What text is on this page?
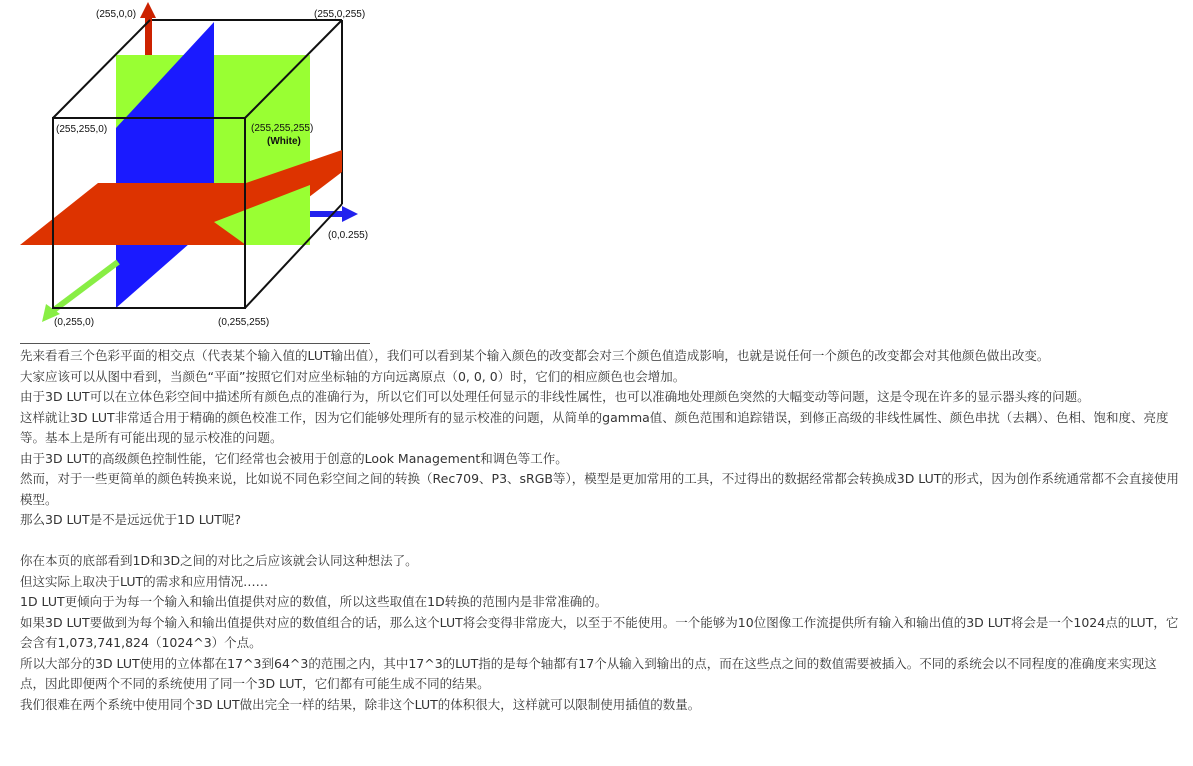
(255,0,0)	(255,0,255)
(255,255,0)	(255,255,255)
(White)
(0,0.255)
(0,255,0)	(0,255,255)

先来看看三个色彩平面的相交点（代表某个输入值的LUT输出值），我们可以看到某个输入颜色的改变都会对三个颜色值造成影响，也就是说任何一个颜色的改变都会对其他颜色做出改变。

大家应该可以从图中看到，当颜色“平面”按照它们对应坐标轴的方向远离原点（0, 0, 0）时，它们的相应颜色也会增加。

由于3D LUT可以在立体色彩空间中描述所有颜色点的准确行为，所以它们可以处理任何显示的非线性属性，也可以准确地处理颜色突然的大幅变动等问题，这是令现在许多的显示器头疼的问题。

这样就让3D LUT非常适合用于精确的颜色校准工作，因为它们能够处理所有的显示校准的问题，从简单的gamma值、颜色范围和追踪错误，到修正高级的非线性属性、颜色串扰（去耦）、色相、饱和度、亮度等。基本上是所有可能出现的显示校准的问题。

由于3D LUT的高级颜色控制性能，它们经常也会被用于创意的Look Management和调色等工作。

然而，对于一些更简单的颜色转换来说，比如说不同色彩空间之间的转换（Rec709、P3、sRGB等），模型是更加常用的工具，不过得出的数据经常都会转换成3D LUT的形式，因为创作系统通常都不会直接使用模型。

那么3D LUT是不是远远优于1D LUT呢?

你在本页的底部看到1D和3D之间的对比之后应该就会认同这种想法了。

但这实际上取决于LUT的需求和应用情况……

1D LUT更倾向于为每一个输入和输出值提供对应的数值，所以这些取值在1D转换的范围内是非常准确的。

如果3D LUT要做到为每个输入和输出值提供对应的数值组合的话，那么这个LUT将会变得非常庞大，以至于不能使用。一个能够为10位图像工作流提供所有输入和输出值的3D LUT将会是一个1024点的LUT，它会含有1,073,741,824（1024^3）个点。

所以大部分的3D LUT使用的立体都在17^3到64^3的范围之内，其中17^3的LUT指的是每个轴都有17个从输入到输出的点，而在这些点之间的数值需要被插入。不同的系统会以不同程度的准确度来实现这点，因此即便两个不同的系统使用了同一个3D LUT，它们都有可能生成不同的结果。

我们很难在两个系统中使用同个3D LUT做出完全一样的结果，除非这个LUT的体积很大，这样就可以限制使用插值的数量。
